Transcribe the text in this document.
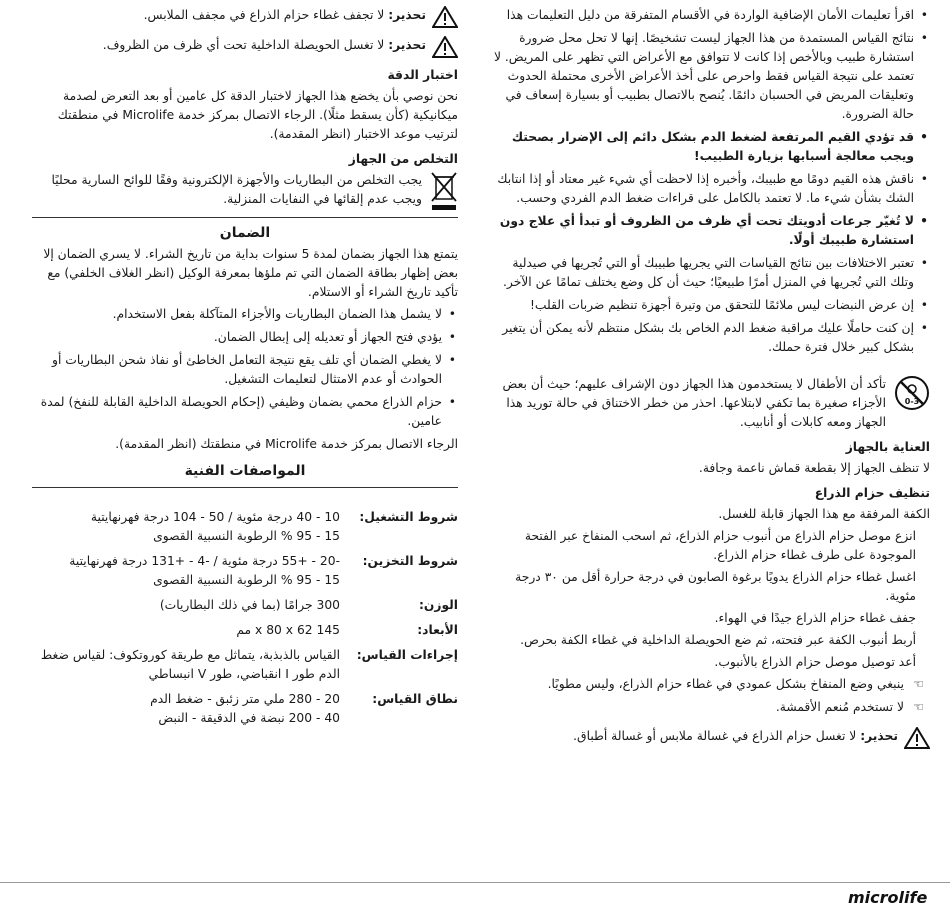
• اقرأ تعليمات الأمان الإضافية الواردة في الأقسام المتفرقة من دليل التعليمات هذا
• نتائج القياس المستمدة من هذا الجهاز ليست تشخيصًا. إنها لا تحل محل ضرورة استشارة طبيب وبالأخص إذا كانت لا تتوافق مع الأعراض التي تظهر على المريض. لا تعتمد على نتيجة القياس فقط واحرص على أخذ الأعراض الأخرى محتملة الحدوث وتعليقات المريض في الحسبان دائمًا. يُنصح بالاتصال بطبيب أو بسيارة إسعاف في حالة الضرورة.
• قد تؤدي القيم المرتفعة لضغط الدم بشكل دائم إلى الإضرار بصحتك ويجب معالجة أسبابها بزيارة الطبيب!
• ناقش هذه القيم دومًا مع طبيبك، وأخبره إذا لاحظت أي شيء غير معتاد أو إذا انتابك الشك بشأن شيء ما. لا تعتمد بالكامل على قراءات ضغط الدم الفردي وحسب.
• لا تُغيّر جرعات أدويتك تحت أي ظرف من الظروف أو تبدأ أي علاج دون استشارة طبيبك أولًا.
• تعتبر الاختلافات بين نتائج القياسات التي يجريها طبيبك أو التي تُجريها في صيدلية وتلك التي تُجريها في المنزل أمرًا طبيعيًا؛ حيث أن كل وضع يختلف تمامًا عن الآخر.
• إن عرض النبضات ليس ملائمًا للتحقق من وتيرة أجهزة تنظيم ضربات القلب!
• إن كنت حاملًا عليك مراقبة ضغط الدم الخاص بك بشكل منتظم لأنه يمكن أن يتغير بشكل كبير خلال فترة حملك.
0-3
تأكد أن الأطفال لا يستخدمون هذا الجهاز دون الإشراف عليهم؛ حيث أن بعض الأجزاء صغيرة بما تكفي لابتلاعها. احذر من خطر الاختناق في حالة توريد هذا الجهاز ومعه كابلات أو أنابيب.
العناية بالجهاز

لا تنظف الجهاز إلا بقطعة قماش ناعمة وجافة.

تنظيف حزام الذراع

الكفة المرفقة مع هذا الجهاز قابلة للغسل.

انزع موصل حزام الذراع من أنبوب حزام الذراع، ثم اسحب المنفاخ عبر الفتحة الموجودة على طرف غطاء حزام الذراع.

اغسل غطاء حزام الذراع يدويًا برغوة الصابون في درجة حرارة أقل من ٣٠ درجة مئوية.

جفف غطاء حزام الذراع جيدًا في الهواء.

أربط أنبوب الكفة عبر فتحته، ثم ضع الحويصلة الداخلية في غطاء الكفة بحرص.

أعد توصيل موصل حزام الذراع بالأنبوب.

☜ ينبغي وضع المنفاخ بشكل عمودي في غطاء حزام الذراع، وليس مطويًا.
☜ لا تستخدم مُنعم الأقمشة.
تحذير: لا تغسل حزام الذراع في غسالة ملابس أو غسالة أطباق.
تحذير: لا تجفف غطاء حزام الذراع في مجفف الملابس.
تحذير: لا تغسل الحويصلة الداخلية تحت أي ظرف من الظروف.
اختبار الدقة

نحن نوصي بأن يخضع هذا الجهاز لاختبار الدقة كل عامين أو بعد التعرض لصدمة ميكانيكية (كأن يسقط مثلًا). الرجاء الاتصال بمركز خدمة Microlife في منطقتك لترتيب موعد الاختبار (انظر المقدمة).

التخلص من الجهاز
يجب التخلص من البطاريات والأجهزة الإلكترونية وفقًا للوائح السارية محليًا ويجب عدم إلقائها في النفايات المنزلية.
الضمان

يتمتع هذا الجهاز بضمان لمدة 5 سنوات بداية من تاريخ الشراء. لا يسري الضمان إلا بعض إظهار بطاقة الضمان التي تم ملؤها بمعرفة الوكيل (انظر الغلاف الخلفي) مع تأكيد تاريخ الشراء أو الاستلام.

• لا يشمل هذا الضمان البطاريات والأجزاء المتآكلة بفعل الاستخدام.
• يؤدي فتح الجهاز أو تعديله إلى إبطال الضمان.
• لا يغطي الضمان أي تلف يقع نتيجة التعامل الخاطئ أو نفاذ شحن البطاريات أو الحوادث أو عدم الامتثال لتعليمات التشغيل.
• حزام الذراع محمي بضمان وظيفي (إحكام الحويصلة الداخلية القابلة للنفخ) لمدة عامين.

الرجاء الاتصال بمركز خدمة Microlife في منطقتك (انظر المقدمة).

المواصفات الفنية
شروط التشغيل:
10 - 40 درجة مئوية / 50 - 104 درجة فهرنهايتية
15 - 95 % الرطوبة النسبية القصوى
شروط التخزين:
-20 - +55 درجة مئوية / -4 - +131 درجة فهرنهايتية
15 - 95 % الرطوبة النسبية القصوى
الوزن:
300 جرامًا (بما في ذلك البطاريات)
الأبعاد:
145 x 80 x 62 مم
إجراءات القياس:
القياس بالذبذبة، يتماثل مع طريقة كوروتكوف: لقياس ضغط الدم طور I انقباضي، طور V انبساطي
نطاق القياس:
20 - 280 ملي متر زئبق - ضغط الدم
40 - 200 نبضة في الدقيقة - النبض
microlife
